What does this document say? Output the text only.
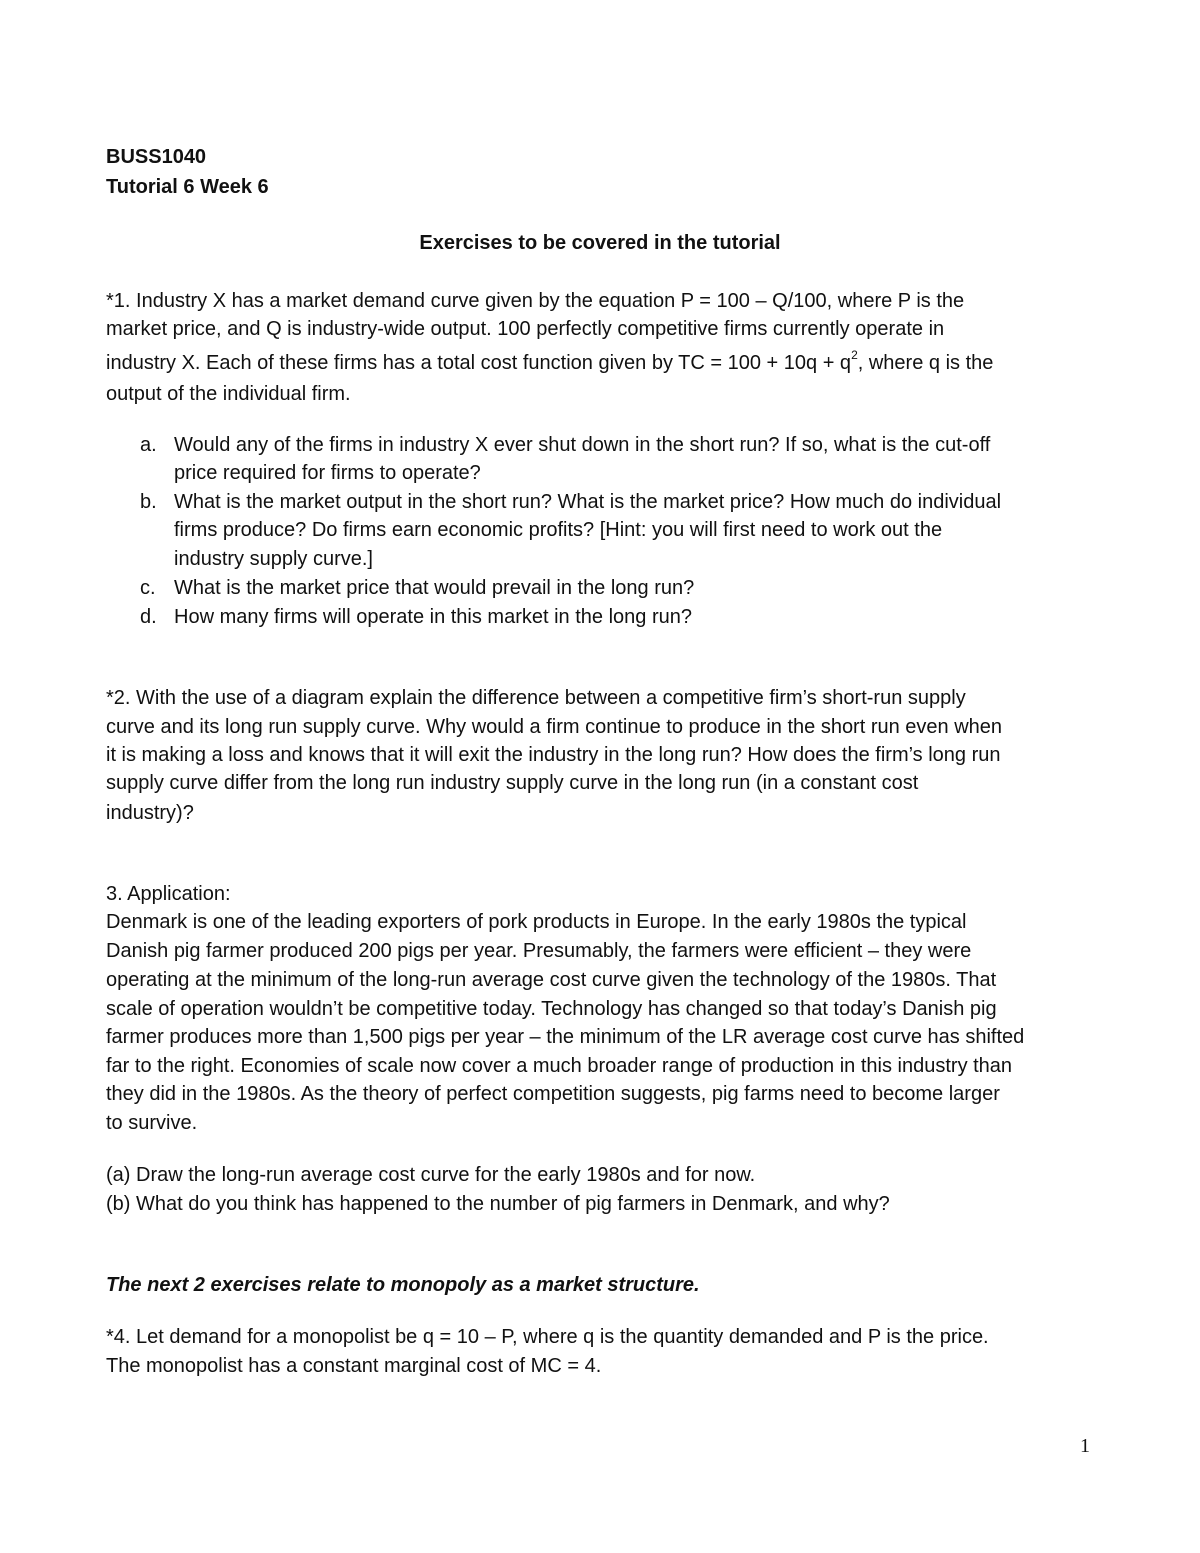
BUSS1040
Tutorial 6 Week 6
Exercises to be covered in the tutorial
*1. Industry X has a market demand curve given by the equation P = 100 – Q/100, where P is the
market price, and Q is industry-wide output. 100 perfectly competitive firms currently operate in
industry X. Each of these firms has a total cost function given by TC = $100 + 10q + q^2$, where q is the
output of the individual firm.
a. Would any of the firms in industry X ever shut down in the short run? If so, what is the cut-off
price required for firms to operate?
b. What is the market output in the short run? What is the market price? How much do individual
firms produce? Do firms earn economic profits? [Hint: you will first need to work out the
industry supply curve.]
c. What is the market price that would prevail in the long run?
d. How many firms will operate in this market in the long run?
*2. With the use of a diagram explain the difference between a competitive firm’s short-run supply
curve and its long run supply curve. Why would a firm continue to produce in the short run even when
it is making a loss and knows that it will exit the industry in the long run? How does the firm’s long run
supply curve differ from the long run industry supply curve in the long run (in a constant cost
industry)?
3. Application:
Denmark is one of the leading exporters of pork products in Europe. In the early 1980s the typical
Danish pig farmer produced 200 pigs per year. Presumably, the farmers were efficient – they were
operating at the minimum of the long-run average cost curve given the technology of the 1980s. That
scale of operation wouldn’t be competitive today. Technology has changed so that today’s Danish pig
farmer produces more than 1,500 pigs per year – the minimum of the LR average cost curve has shifted
far to the right. Economies of scale now cover a much broader range of production in this industry than
they did in the 1980s. As the theory of perfect competition suggests, pig farms need to become larger
to survive.
(a) Draw the long-run average cost curve for the early 1980s and for now.
(b) What do you think has happened to the number of pig farmers in Denmark, and why?
The next 2 exercises relate to monopoly as a market structure.
*4. Let demand for a monopolist be q = 10 – P, where q is the quantity demanded and P is the price.
The monopolist has a constant marginal cost of MC = 4.
1
